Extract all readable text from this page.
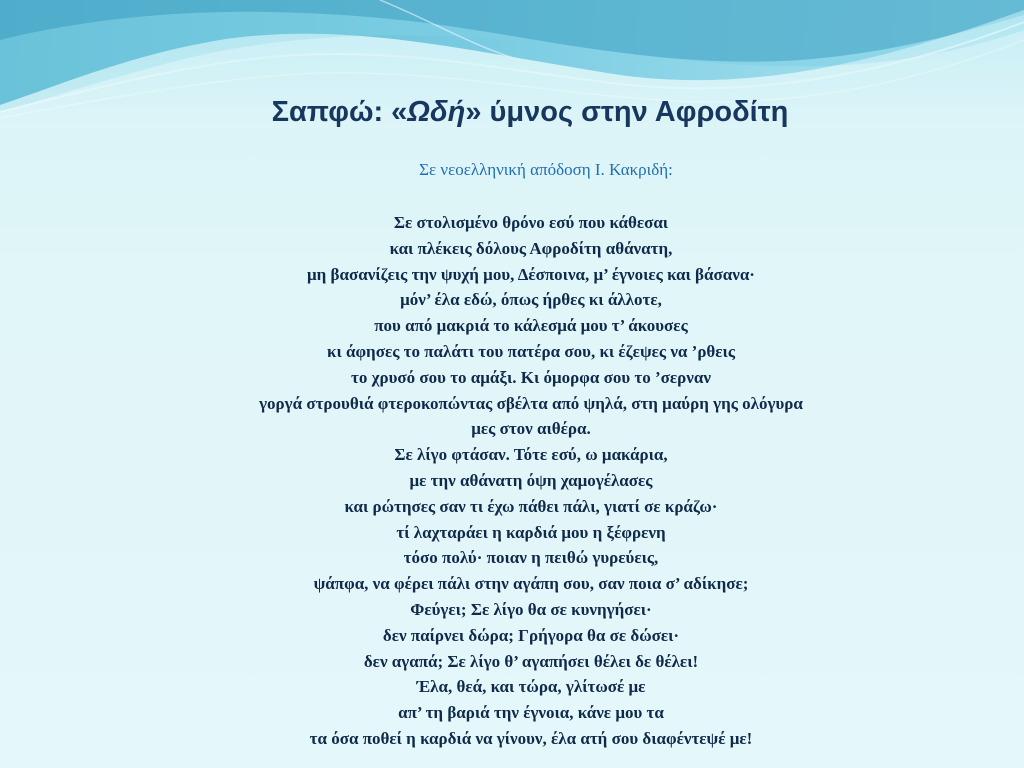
Σαπφώ: «Ωδή» ύμνος στην Αφροδίτη
Σε νεοελληνική απόδοση Ι. Κακριδή:
Σε στολισμένο θρόνο εσύ που κάθεσαι
και πλέκεις δόλους Αφροδίτη αθάνατη,
μη βασανίζεις την ψυχή μου, Δέσποινα, μ’ έγνοιες και βάσανα·
μόν’ έλα εδώ, όπως ήρθες κι άλλοτε,
που από μακριά το κάλεσμά μου τ’ άκουσες
κι άφησες το παλάτι του πατέρα σου, κι έζεψες να ’ρθεις
το χρυσό σου το αμάξι. Κι όμορφα σου το ’σερναν
γοργά στρουθιά φτεροκοπώντας σβέλτα από ψηλά, στη μαύρη γης ολόγυρα
μες στον αιθέρα.
Σε λίγο φτάσαν. Τότε εσύ, ω μακάρια,
με την αθάνατη όψη χαμογέλασες
και ρώτησες σαν τι έχω πάθει πάλι, γιατί σε κράζω·
τί λαχταράει η καρδιά μου η ξέφρενη
τόσο πολύ· ποιαν η πειθώ γυρεύεις,
ψάπφα, να φέρει πάλι στην αγάπη σου, σαν ποια σ’ αδίκησε;
Φεύγει; Σε λίγο θα σε κυνηγήσει·
δεν παίρνει δώρα; Γρήγορα θα σε δώσει·
δεν αγαπά; Σε λίγο θ’ αγαπήσει θέλει δε θέλει!
Έλα, θεά, και τώρα, γλίτωσέ με
απ’ τη βαριά την έγνοια, κάνε μου τα
τα όσα ποθεί η καρδιά να γίνουν, έλα ατή σου διαφέντεψέ με!
